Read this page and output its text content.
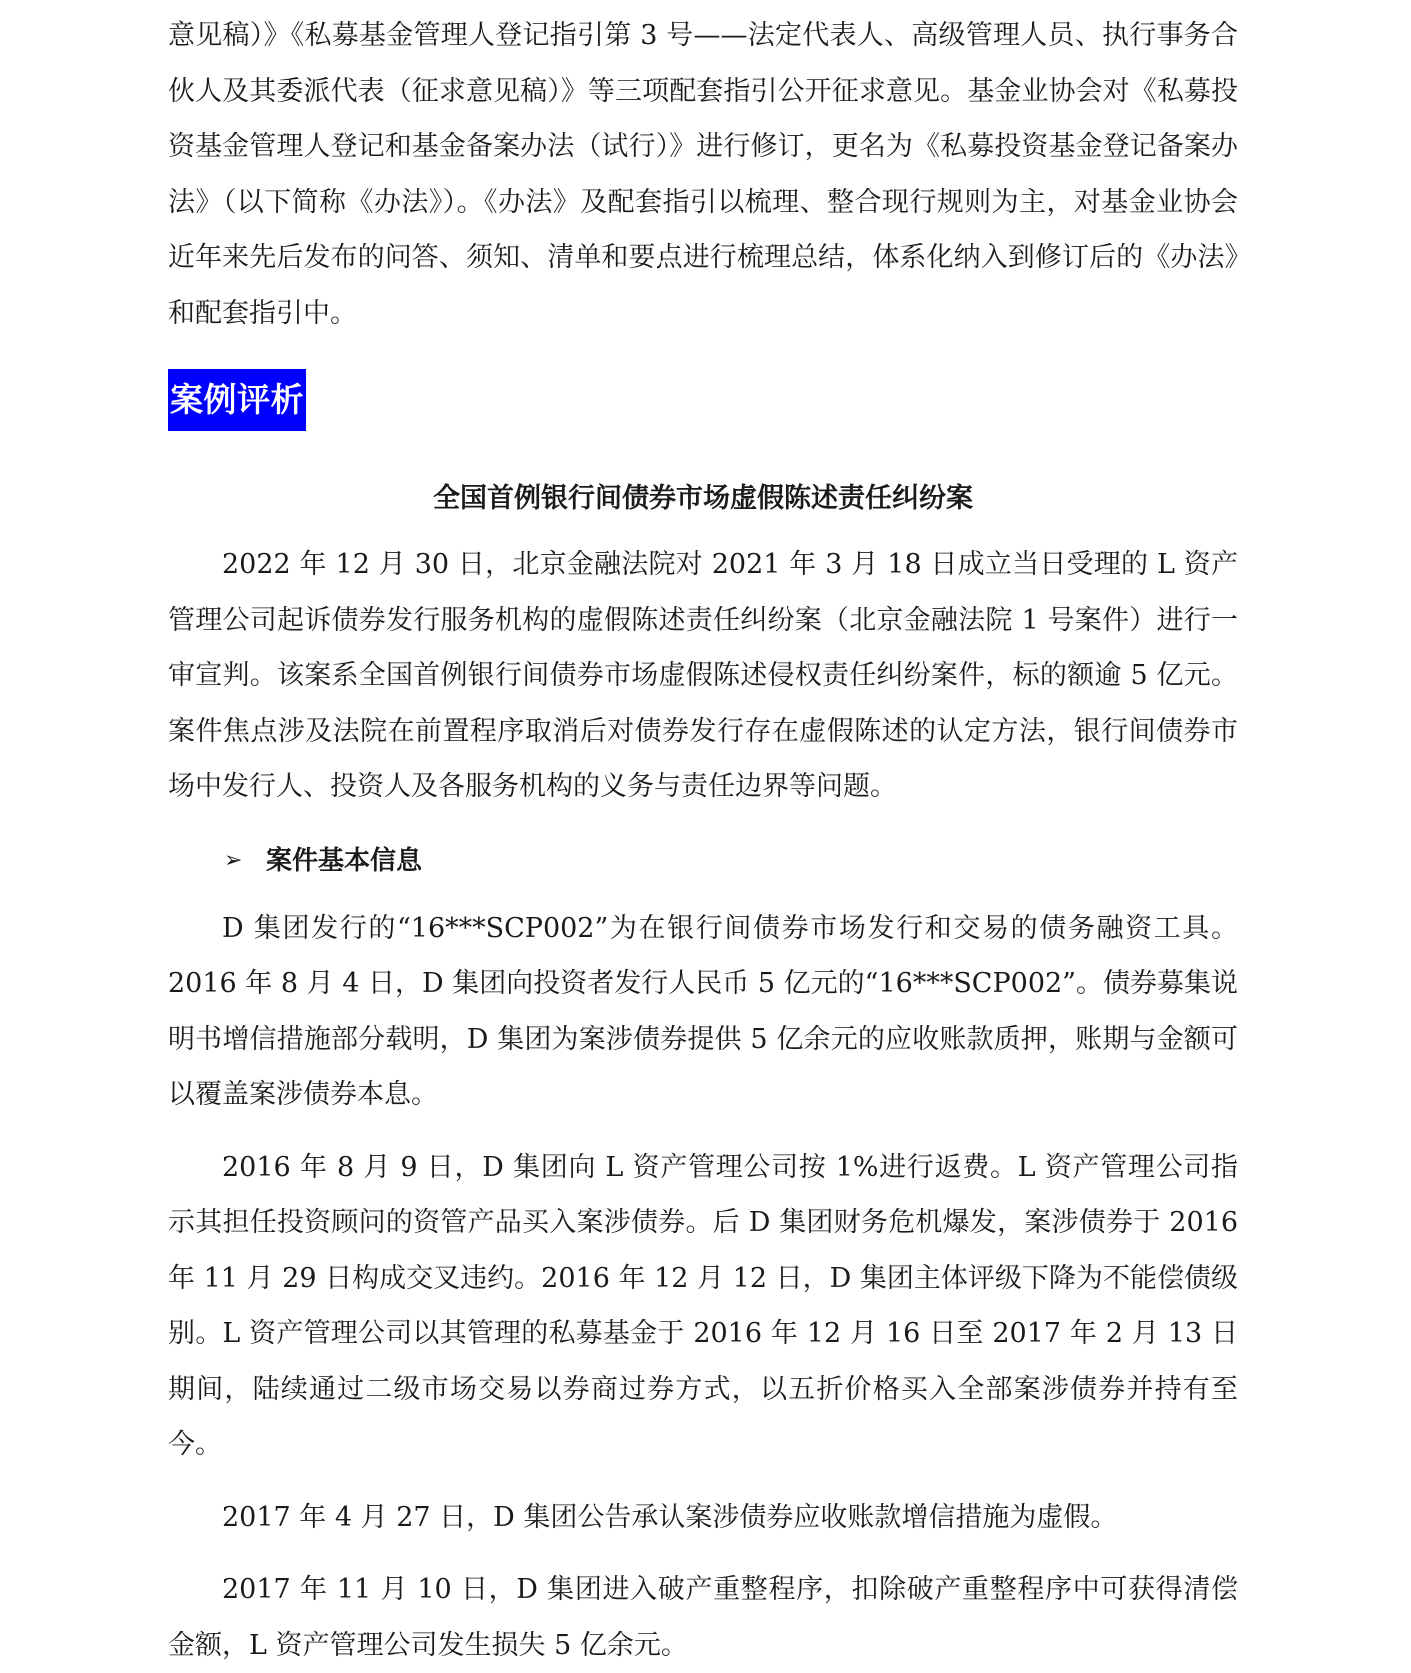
意见稿）》《私募基金管理人登记指引第 3 号——法定代表人、高级管理人员、执行事务合伙人及其委派代表（征求意见稿）》等三项配套指引公开征求意见。基金业协会对《私募投资基金管理人登记和基金备案办法（试行）》进行修订，更名为《私募投资基金登记备案办法》（以下简称《办法》）。《办法》及配套指引以梳理、整合现行规则为主，对基金业协会近年来先后发布的问答、须知、清单和要点进行梳理总结，体系化纳入到修订后的《办法》和配套指引中。

案例评析
全国首例银行间债券市场虚假陈述责任纠纷案

2022 年 12 月 30 日，北京金融法院对 2021 年 3 月 18 日成立当日受理的 L 资产管理公司起诉债券发行服务机构的虚假陈述责任纠纷案（北京金融法院 1 号案件）进行一审宣判。该案系全国首例银行间债券市场虚假陈述侵权责任纠纷案件，标的额逾 5 亿元。案件焦点涉及法院在前置程序取消后对债券发行存在虚假陈述的认定方法，银行间债券市场中发行人、投资人及各服务机构的义务与责任边界等问题。

➢ 案件基本信息

D 集团发行的“16***SCP002”为在银行间债券市场发行和交易的债务融资工具。2016 年 8 月 4 日，D 集团向投资者发行人民币 5 亿元的“16***SCP002”。债券募集说明书增信措施部分载明，D 集团为案涉债券提供 5 亿余元的应收账款质押，账期与金额可以覆盖案涉债券本息。

2016 年 8 月 9 日，D 集团向 L 资产管理公司按 1%进行返费。L 资产管理公司指示其担任投资顾问的资管产品买入案涉债券。后 D 集团财务危机爆发，案涉债券于 2016 年 11 月 29 日构成交叉违约。2016 年 12 月 12 日，D 集团主体评级下降为不能偿债级别。L 资产管理公司以其管理的私募基金于 2016 年 12 月 16 日至 2017 年 2 月 13 日期间，陆续通过二级市场交易以券商过券方式，以五折价格买入全部案涉债券并持有至今。

2017 年 4 月 27 日，D 集团公告承认案涉债券应收账款增信措施为虚假。

2017 年 11 月 10 日，D 集团进入破产重整程序，扣除破产重整程序中可获得清偿金额，L 资产管理公司发生损失 5 亿余元。
